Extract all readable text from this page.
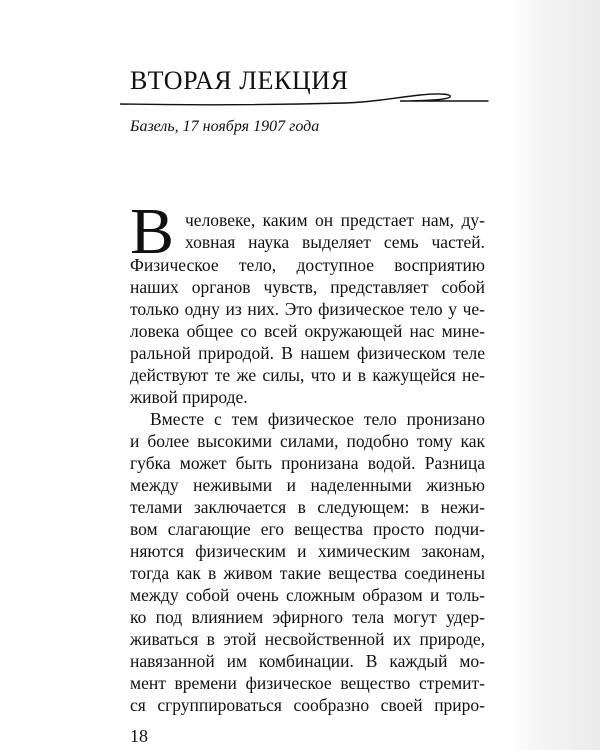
ВТОРАЯ ЛЕКЦИЯ

Базель, 17 ноября 1907 года

В человеке, каким он предстает нам, ду-

ховная наука выделяет семь частей.

Физическое тело, доступное восприятию

наших органов чувств, представляет собой

только одну из них. Это физическое тело у че-

ловека общее со всей окружающей нас минe-

ральной природой. В нашем физическом теле

действуют те же силы, что и в кажущейся не-

живой природе.

Вместе с тем физическое тело пронизано

и более высокими силами, подобно тому как

губка может быть пронизана водой. Разница

между неживыми и наделенными жизнью

телами заключается в следующем: в нежи-

вом слагающие его вещества просто подчи-

няются физическим и химическим законам,

тогда как в живом такие вещества соединены

между собой очень сложным образом и толь-

ко под влиянием эфирного тела могут удер-

живаться в этой несвойственной их природе,

навязанной им комбинации. В каждый мо-

мент времени физическое вещество стремит-

ся сгруппироваться сообразно своей приро-

18
